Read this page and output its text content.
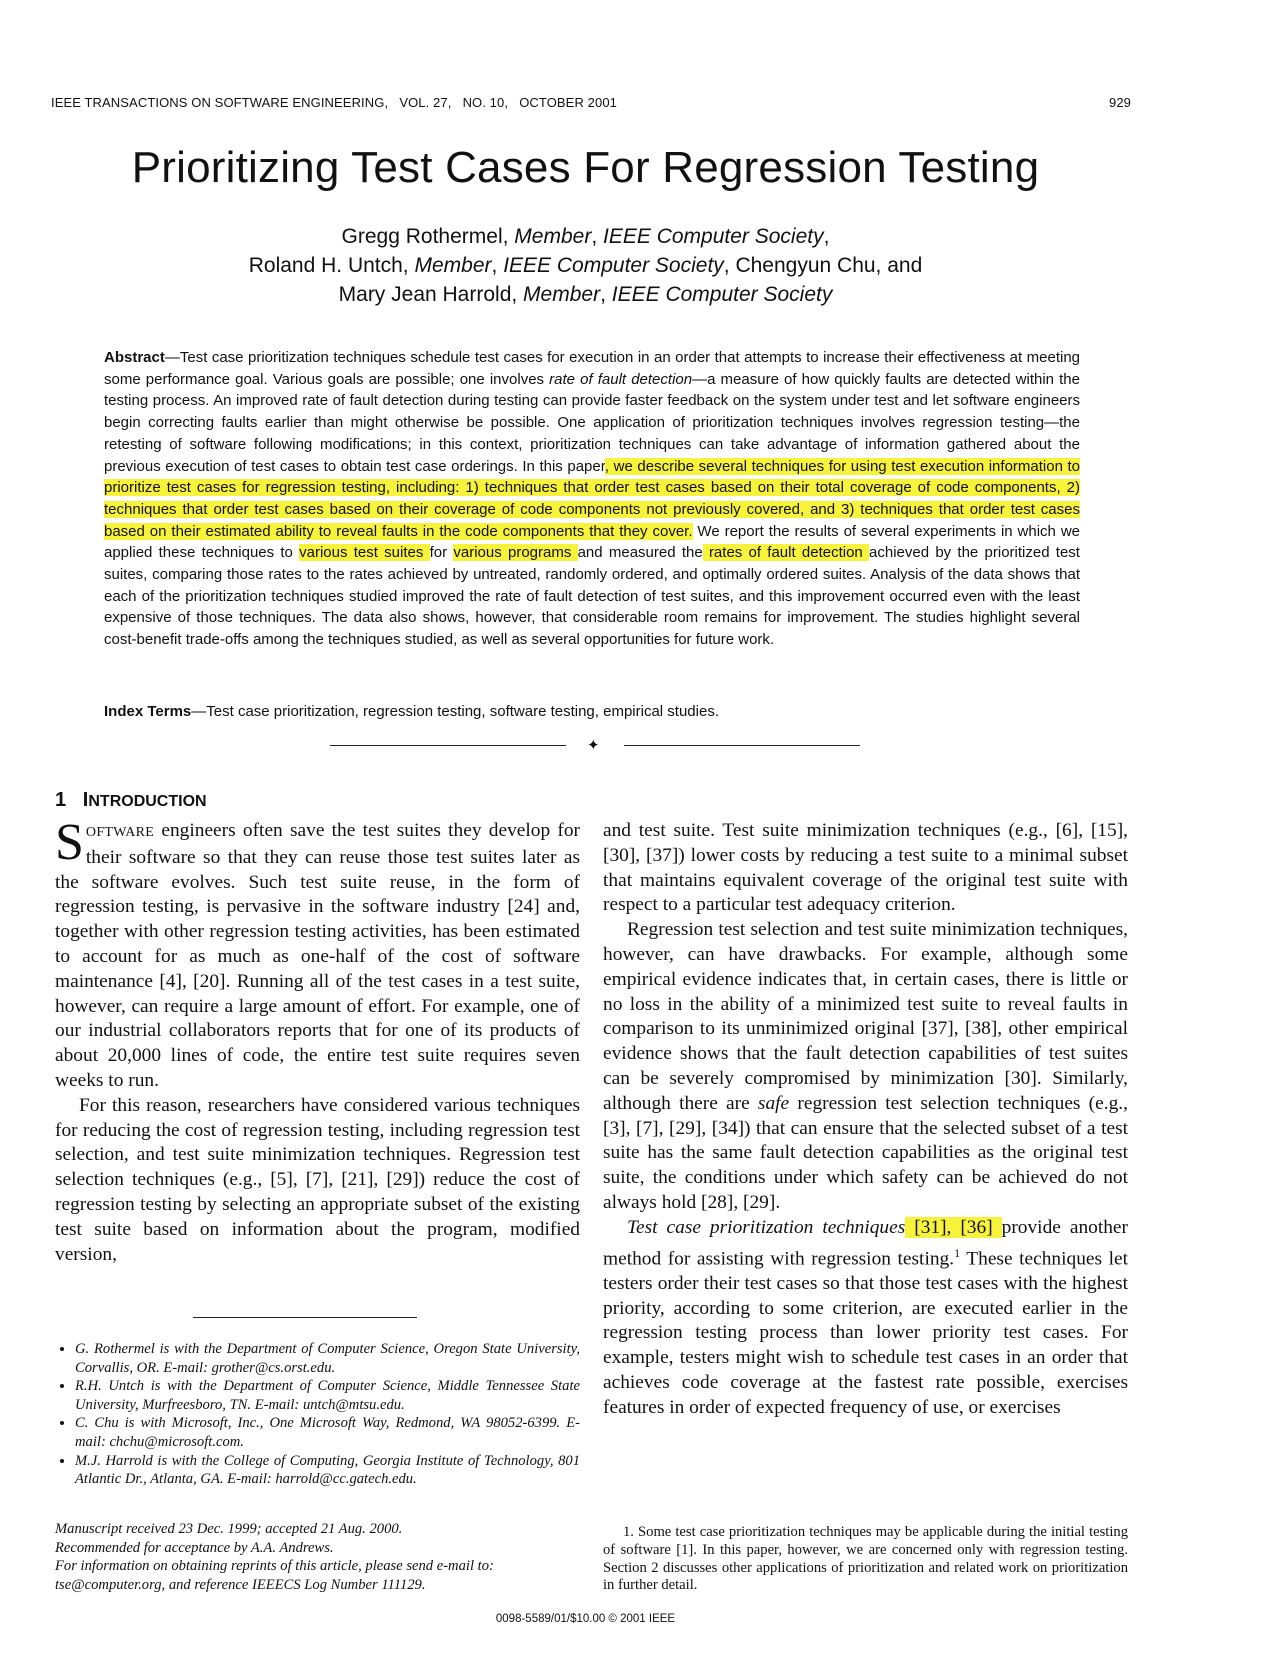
IEEE TRANSACTIONS ON SOFTWARE ENGINEERING,   VOL. 27,   NO. 10,   OCTOBER 2001	929
Prioritizing Test Cases For Regression Testing
Gregg Rothermel, Member, IEEE Computer Society,
Roland H. Untch, Member, IEEE Computer Society, Chengyun Chu, and
Mary Jean Harrold, Member, IEEE Computer Society
Abstract—Test case prioritization techniques schedule test cases for execution in an order that attempts to increase their effectiveness at meeting some performance goal. Various goals are possible; one involves rate of fault detection—a measure of how quickly faults are detected within the testing process. An improved rate of fault detection during testing can provide faster feedback on the system under test and let software engineers begin correcting faults earlier than might otherwise be possible. One application of prioritization techniques involves regression testing—the retesting of software following modifications; in this context, prioritization techniques can take advantage of information gathered about the previous execution of test cases to obtain test case orderings. In this paper, we describe several techniques for using test execution information to prioritize test cases for regression testing, including: 1) techniques that order test cases based on their total coverage of code components, 2) techniques that order test cases based on their coverage of code components not previously covered, and 3) techniques that order test cases based on their estimated ability to reveal faults in the code components that they cover. We report the results of several experiments in which we applied these techniques to various test suites for various programs and measured the rates of fault detection achieved by the prioritized test suites, comparing those rates to the rates achieved by untreated, randomly ordered, and optimally ordered suites. Analysis of the data shows that each of the prioritization techniques studied improved the rate of fault detection of test suites, and this improvement occurred even with the least expensive of those techniques. The data also shows, however, that considerable room remains for improvement. The studies highlight several cost-benefit trade-offs among the techniques studied, as well as several opportunities for future work.
Index Terms—Test case prioritization, regression testing, software testing, empirical studies.
✦
1 INTRODUCTION

SOFTWARE engineers often save the test suites they develop for their software so that they can reuse those test suites later as the software evolves. Such test suite reuse, in the form of regression testing, is pervasive in the software industry [24] and, together with other regression testing activities, has been estimated to account for as much as one-half of the cost of software maintenance [4], [20]. Running all of the test cases in a test suite, however, can require a large amount of effort. For example, one of our industrial collaborators reports that for one of its products of about 20,000 lines of code, the entire test suite requires seven weeks to run.

For this reason, researchers have considered various techniques for reducing the cost of regression testing, including regression test selection, and test suite minimization techniques. Regression test selection techniques (e.g., [5], [7], [21], [29]) reduce the cost of regression testing by selecting an appropriate subset of the existing test suite based on information about the program, modified version,

• G. Rothermel is with the Department of Computer Science, Oregon State University, Corvallis, OR. E-mail: grother@cs.orst.edu.
• R.H. Untch is with the Department of Computer Science, Middle Tennessee State University, Murfreesboro, TN. E-mail: untch@mtsu.edu.
• C. Chu is with Microsoft, Inc., One Microsoft Way, Redmond, WA 98052-6399. E-mail: chchu@microsoft.com.
• M.J. Harrold is with the College of Computing, Georgia Institute of Technology, 801 Atlantic Dr., Atlanta, GA. E-mail: harrold@cc.gatech.edu.
Manuscript received 23 Dec. 1999; accepted 21 Aug. 2000.
Recommended for acceptance by A.A. Andrews.
For information on obtaining reprints of this article, please send e-mail to: tse@computer.org, and reference IEEECS Log Number 111129.

and test suite. Test suite minimization techniques (e.g., [6], [15], [30], [37]) lower costs by reducing a test suite to a minimal subset that maintains equivalent coverage of the original test suite with respect to a particular test adequacy criterion.

Regression test selection and test suite minimization techniques, however, can have drawbacks. For example, although some empirical evidence indicates that, in certain cases, there is little or no loss in the ability of a minimized test suite to reveal faults in comparison to its unminimized original [37], [38], other empirical evidence shows that the fault detection capabilities of test suites can be severely compromised by minimization [30]. Similarly, although there are safe regression test selection techniques (e.g., [3], [7], [29], [34]) that can ensure that the selected subset of a test suite has the same fault detection capabilities as the original test suite, the conditions under which safety can be achieved do not always hold [28], [29].

Test case prioritization techniques [31], [36] provide another method for assisting with regression testing.$^1$ These techniques let testers order their test cases so that those test cases with the highest priority, according to some criterion, are executed earlier in the regression testing process than lower priority test cases. For example, testers might wish to schedule test cases in an order that achieves code coverage at the fastest rate possible, exercises features in order of expected frequency of use, or exercises

1. Some test case prioritization techniques may be applicable during the initial testing of software [1]. In this paper, however, we are concerned only with regression testing. Section 2 discusses other applications of prioritization and related work on prioritization in further detail.
0098-5589/01/$10.00 © 2001 IEEE
